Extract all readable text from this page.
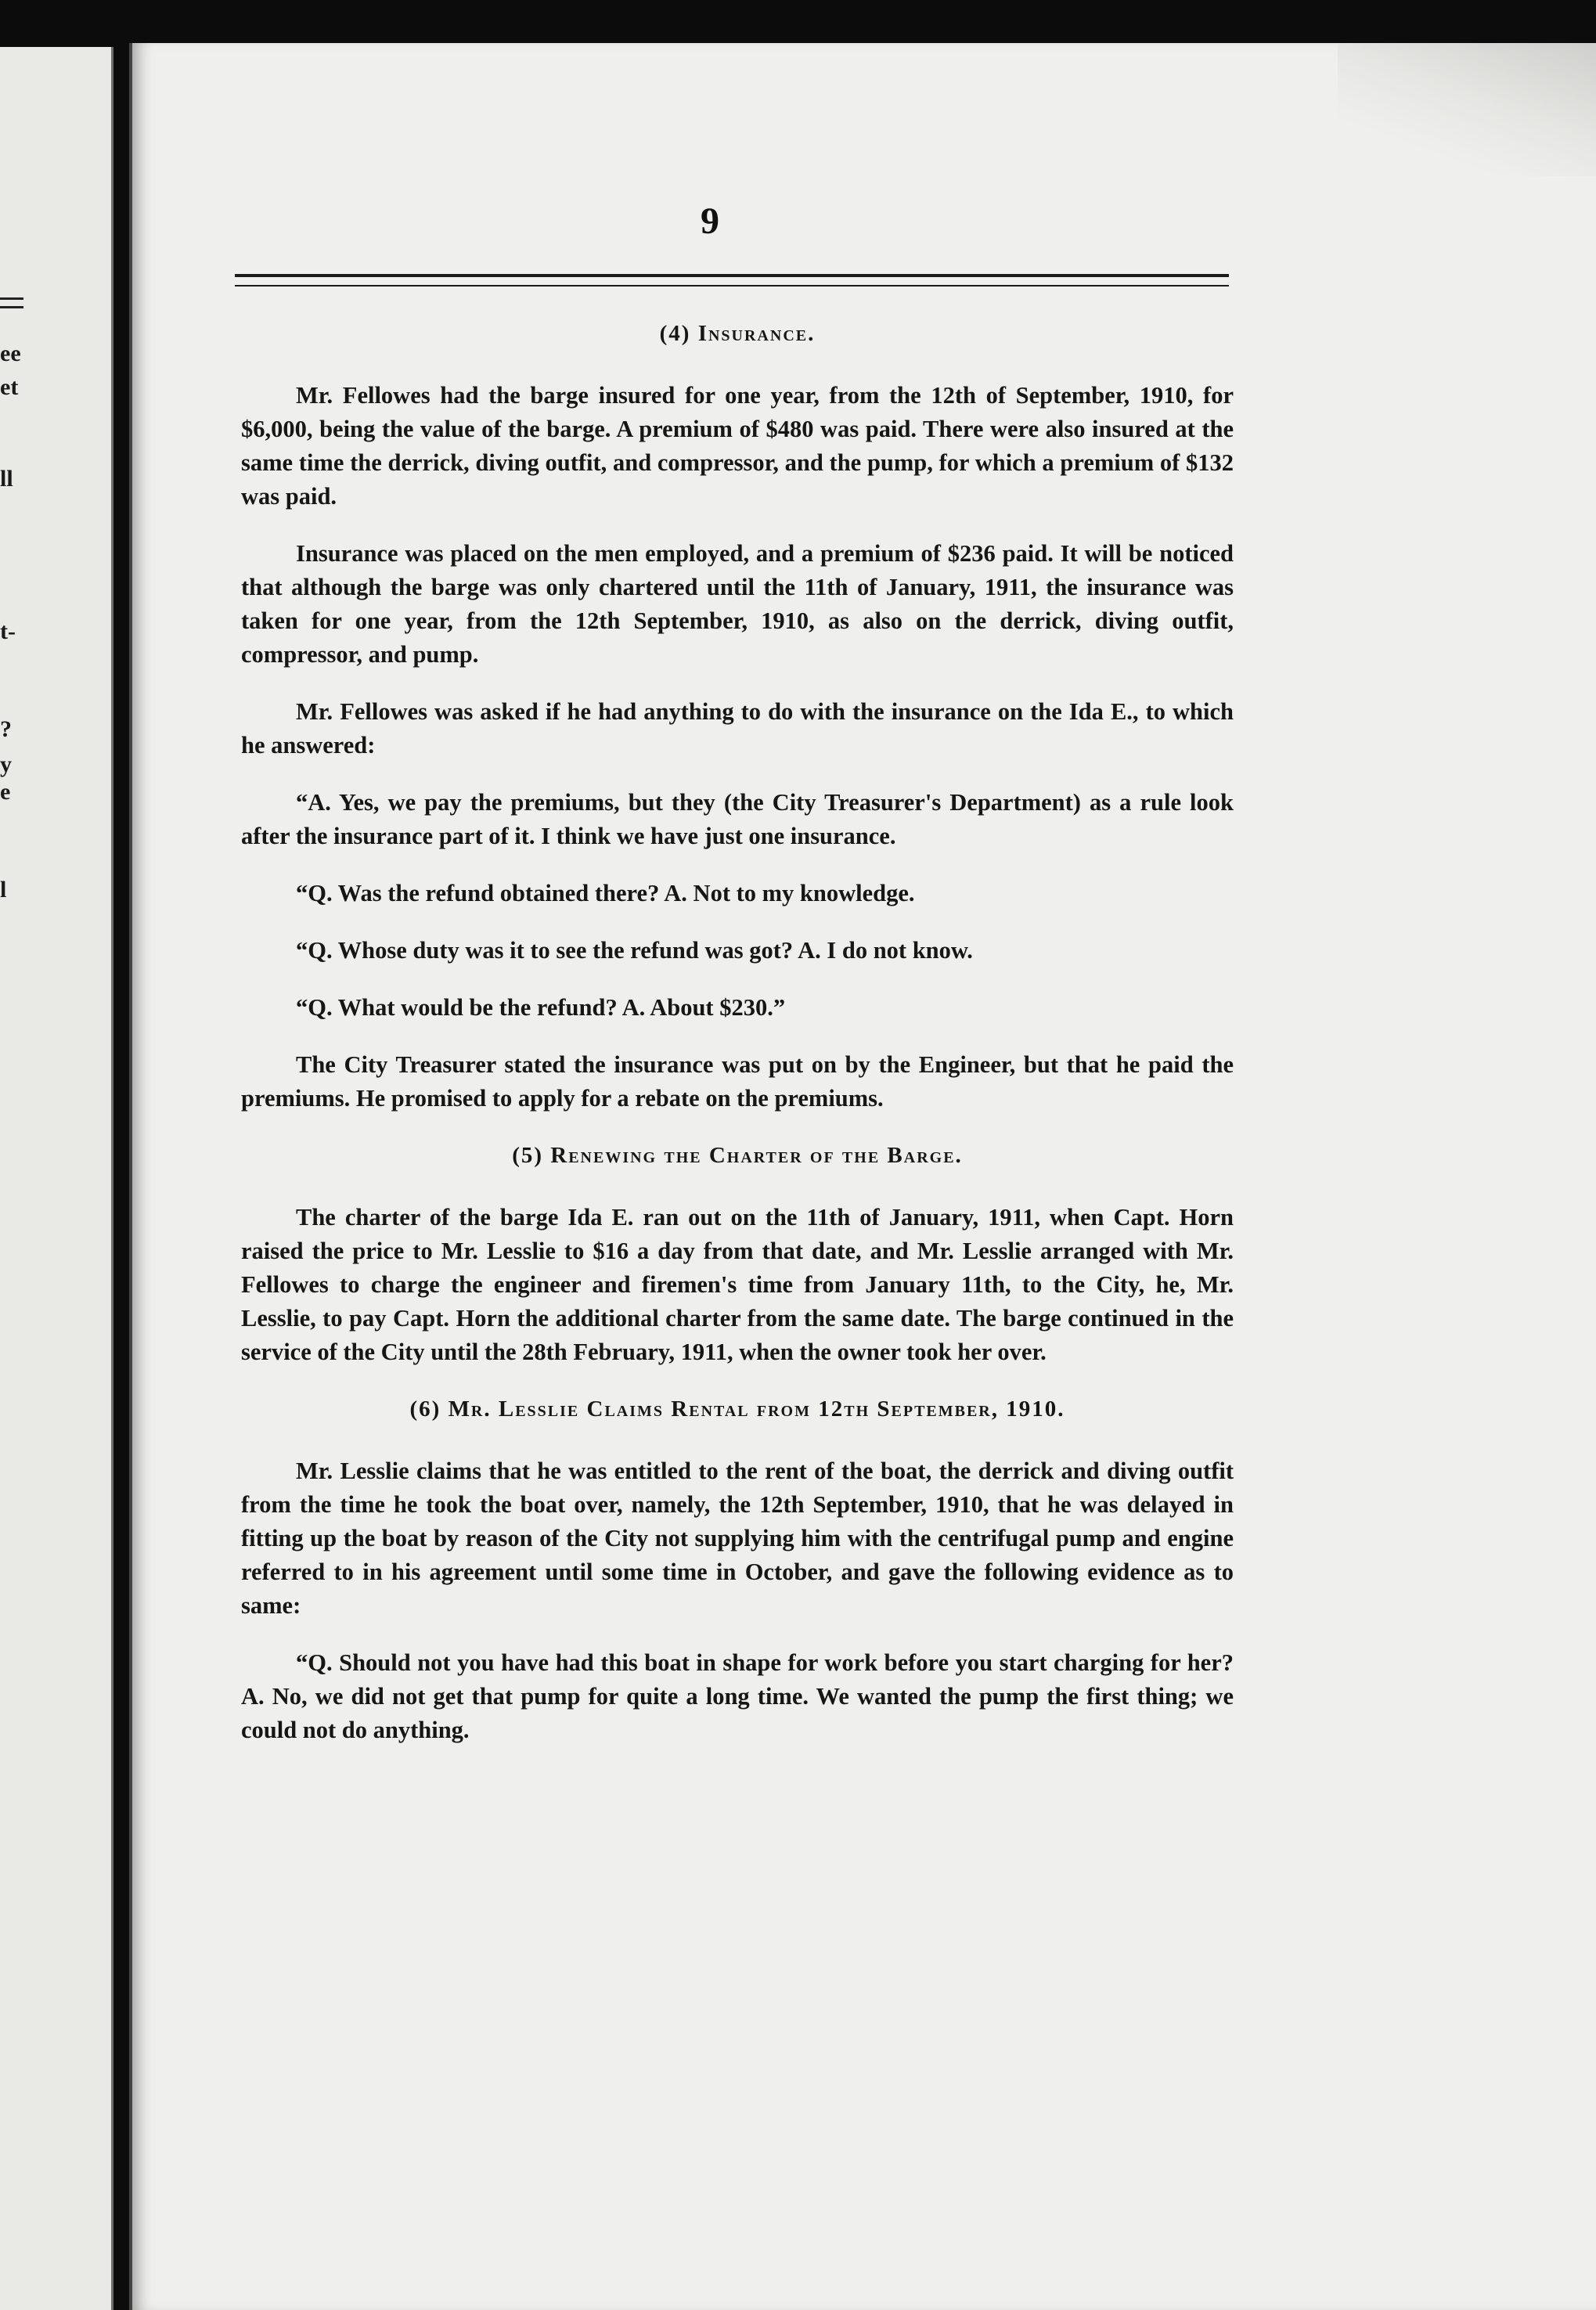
ee
et
ll
t-
?
y
e
l
9
(4) Insurance.

Mr. Fellowes had the barge insured for one year, from the 12th of September, 1910, for $6,000, being the value of the barge. A premium of $480 was paid. There were also insured at the same time the derrick, diving outfit, and compressor, and the pump, for which a premium of $132 was paid.

Insurance was placed on the men employed, and a premium of $236 paid. It will be noticed that although the barge was only chartered until the 11th of January, 1911, the insurance was taken for one year, from the 12th September, 1910, as also on the derrick, diving outfit, compressor, and pump.

Mr. Fellowes was asked if he had anything to do with the insurance on the Ida E., to which he answered:

“A. Yes, we pay the premiums, but they (the City Treasurer's Department) as a rule look after the insurance part of it. I think we have just one insurance.

“Q. Was the refund obtained there? A. Not to my knowledge.

“Q. Whose duty was it to see the refund was got? A. I do not know.

“Q. What would be the refund? A. About $230.”

The City Treasurer stated the insurance was put on by the Engineer, but that he paid the premiums. He promised to apply for a rebate on the premiums.

(5) Renewing the Charter of the Barge.

The charter of the barge Ida E. ran out on the 11th of January, 1911, when Capt. Horn raised the price to Mr. Lesslie to $16 a day from that date, and Mr. Lesslie arranged with Mr. Fellowes to charge the engineer and firemen's time from January 11th, to the City, he, Mr. Lesslie, to pay Capt. Horn the additional charter from the same date. The barge continued in the service of the City until the 28th February, 1911, when the owner took her over.

(6) Mr. Lesslie Claims Rental from 12th September, 1910.

Mr. Lesslie claims that he was entitled to the rent of the boat, the derrick and diving outfit from the time he took the boat over, namely, the 12th September, 1910, that he was delayed in fitting up the boat by reason of the City not supplying him with the centrifugal pump and engine referred to in his agreement until some time in October, and gave the following evidence as to same:

“Q. Should not you have had this boat in shape for work before you start charging for her? A. No, we did not get that pump for quite a long time. We wanted the pump the first thing; we could not do anything.
